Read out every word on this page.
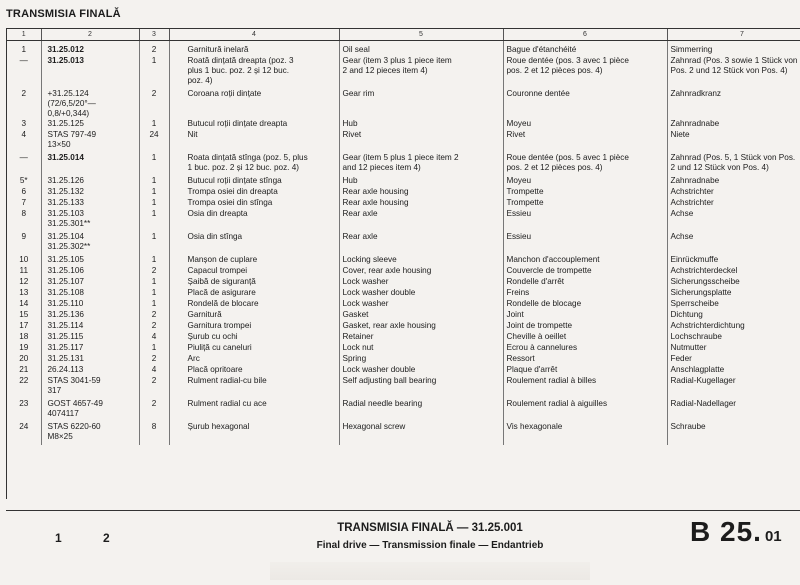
TRANSMISIA FINALĂ
1	2	3	4	5	6	7
1	31.25.012	2	Garnitură inelară	Oil seal	Bague d'étanchéité	Simmerring
—	31.25.013	1	Roată dințată dreapta (poz. 3
plus 1 buc. poz. 2 și 12 buc.
poz. 4)	Gear (item 3 plus 1 piece item
2 and 12 pieces item 4)	Roue dentée (pos. 3 avec 1 pièce
pos. 2 et 12 pièces pos. 4)	Zahnrad (Pos. 3 sowie 1 Stück von
Pos. 2 und 12 Stück von Pos. 4)
2	+31.25.124
(72/6,5/20°—0,8/+0,344)	2	Coroana roții dințate	Gear rim	Couronne dentée	Zahnradkranz
3	31.25.125	1	Butucul roții dințate dreapta	Hub	Moyeu	Zahnradnabe
4	STAS 797-49
13×50	24	Nit	Rivet	Rivet	Niete
—	31.25.014	1	Roata dințată stînga (poz. 5, plus
1 buc. poz. 2 și 12 buc. poz. 4)	Gear (item 5 plus 1 piece item 2
and 12 pieces item 4)	Roue dentée (pos. 5 avec 1 pièce
pos. 2 et 12 pièces pos. 4)	Zahnrad (Pos. 5, 1 Stück von Pos.
2 und 12 Stück von Pos. 4)
5*	31.25.126	1	Butucul roții dințate stînga	Hub	Moyeu	Zahnradnabe
6	31.25.132	1	Trompa osiei din dreapta	Rear axle housing	Trompette	Achstrichter
7	31.25.133	1	Trompa osiei din stînga	Rear axle housing	Trompette	Achstrichter
8	31.25.103
31.25.301**	1	Osia din dreapta	Rear axle	Essieu	Achse
9	31.25.104
31.25.302**	1	Osia din stînga	Rear axle	Essieu	Achse
10	31.25.105	1	Manșon de cuplare	Locking sleeve	Manchon d'accouplement	Einrückmuffe
11	31.25.106	2	Capacul trompei	Cover, rear axle housing	Couvercle de trompette	Achstrichterdeckel
12	31.25.107	1	Șaibă de siguranță	Lock washer	Rondelle d'arrêt	Sicherungsscheibe
13	31.25.108	1	Placă de asigurare	Lock washer double	Freins	Sicherungsplatte
14	31.25.110	1	Rondelă de blocare	Lock washer	Rondelle de blocage	Sperrscheibe
15	31.25.136	2	Garnitură	Gasket	Joint	Dichtung
17	31.25.114	2	Garnitura trompei	Gasket, rear axle housing	Joint de trompette	Achstrichterdichtung
18	31.25.115	4	Șurub cu ochi	Retainer	Cheville à oeillet	Lochschraube
19	31.25.117	1	Piuliță cu caneluri	Lock nut	Ecrou à cannelures	Nutmutter
20	31.25.131	2	Arc	Spring	Ressort	Feder
21	26.24.113	4	Placă opritoare	Lock washer double	Plaque d'arrêt	Anschlagplatte
22	STAS 3041-59
317	2	Rulment radial-cu bile	Self adjusting ball bearing	Roulement radial à billes	Radial-Kugellager
23	GOST 4657-49
4074117	2	Rulment radial cu ace	Radial needle bearing	Roulement radial à aiguilles	Radial-Nadellager
24	STAS 6220-60
M8×25	8	Șurub hexagonal	Hexagonal screw	Vis hexagonale	Schraube
1	2
TRANSMISIA FINALĂ — 31.25.001
Final drive — Transmission finale — Endantrieb	B 25. 01
